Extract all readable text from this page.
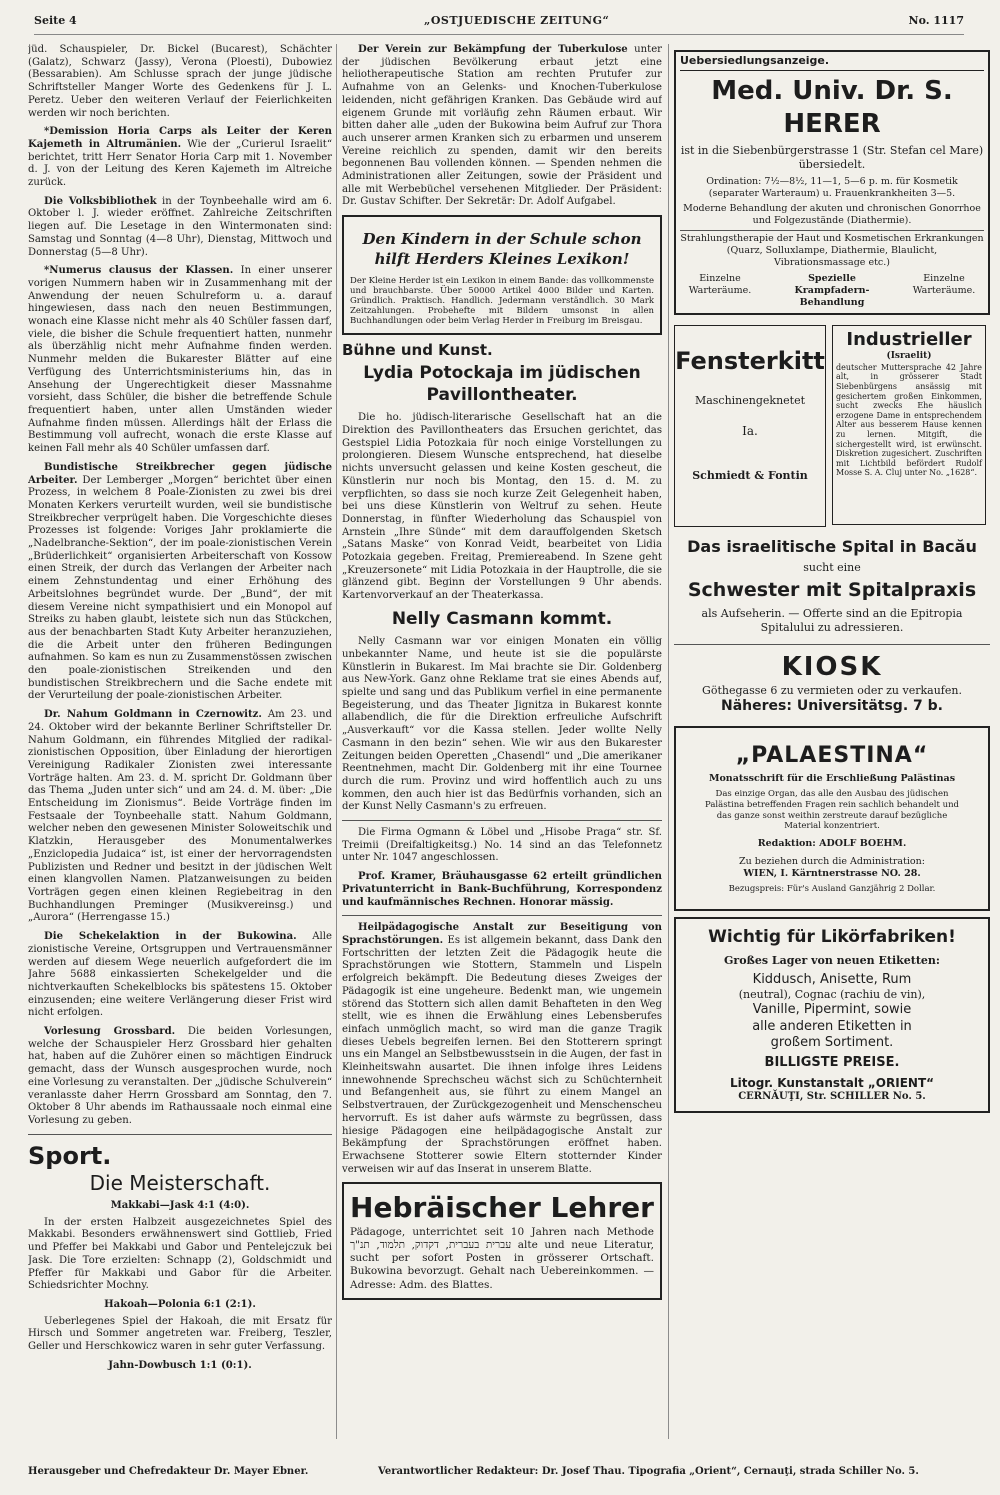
Seite 4	„OSTJUEDISCHE ZEITUNG“	No. 1117

jüd. Schauspieler, Dr. Bickel (Bucarest), Schächter (Galatz), Schwarz (Jassy), Verona (Ploesti), Dubowiez (Bessarabien). Am Schlusse sprach der junge jüdische Schriftsteller Manger Worte des Gedenkens für J. L. Peretz. Ueber den weiteren Verlauf der Feierlichkeiten werden wir noch berichten.

*Demission Horia Carps als Leiter der Keren Kajemeth in Altrumänien. Wie der „Curierul Israelit“ berichtet, tritt Herr Senator Horia Carp mit 1. November d. J. von der Leitung des Keren Kajemeth im Altreiche zurück.

Die Volksbibliothek in der Toynbeehalle wird am 6. Oktober l. J. wieder eröffnet. Zahlreiche Zeitschriften liegen auf. Die Lesetage in den Wintermonaten sind: Samstag und Sonntag (4—8 Uhr), Dienstag, Mittwoch und Donnerstag (5—8 Uhr).

*Numerus clausus der Klassen. In einer unserer vorigen Nummern haben wir in Zusammenhang mit der Anwendung der neuen Schulreform u. a. darauf hingewiesen, dass nach den neuen Bestimmungen, wonach eine Klasse nicht mehr als 40 Schüler fassen darf, viele, die bisher die Schule frequentiert hatten, nunmehr als überzählig nicht mehr Aufnahme finden werden. Nunmehr melden die Bukarester Blätter auf eine Verfügung des Unterrichtsministeriums hin, das in Ansehung der Ungerechtigkeit dieser Massnahme vorsieht, dass Schüler, die bisher die betreffende Schule frequentiert haben, unter allen Umständen wieder Aufnahme finden müssen. Allerdings hält der Erlass die Bestimmung voll aufrecht, wonach die erste Klasse auf keinen Fall mehr als 40 Schüler umfassen darf.

Bundistische Streikbrecher gegen jüdische Arbeiter. Der Lemberger „Morgen“ berichtet über einen Prozess, in welchem 8 Poale-Zionisten zu zwei bis drei Monaten Kerkers verurteilt wurden, weil sie bundistische Streikbrecher verprügelt haben. Die Vorgeschichte dieses Prozesses ist folgende: Voriges Jahr proklamierte die „Nadelbranche-Sektion“, der im poale-zionistischen Verein „Brüderlichkeit“ organisierten Arbeiterschaft von Kossow einen Streik, der durch das Verlangen der Arbeiter nach einem Zehnstundentag und einer Erhöhung des Arbeitslohnes begründet wurde. Der „Bund“, der mit diesem Vereine nicht sympathisiert und ein Monopol auf Streiks zu haben glaubt, leistete sich nun das Stückchen, aus der benachbarten Stadt Kuty Arbeiter heranzuziehen, die die Arbeit unter den früheren Bedingungen aufnahmen. So kam es nun zu Zusammenstössen zwischen den poale-zionistischen Streikenden und den bundistischen Streikbrechern und die Sache endete mit der Verurteilung der poale-zionistischen Arbeiter.

Dr. Nahum Goldmann in Czernowitz. Am 23. und 24. Oktober wird der bekannte Berliner Schriftsteller Dr. Nahum Goldmann, ein führendes Mitglied der radikal-zionistischen Opposition, über Einladung der hierortigen Vereinigung Radikaler Zionisten zwei interessante Vorträge halten. Am 23. d. M. spricht Dr. Goldmann über das Thema „Juden unter sich“ und am 24. d. M. über: „Die Entscheidung im Zionismus“. Beide Vorträge finden im Festsaale der Toynbeehalle statt. Nahum Goldmann, welcher neben den gewesenen Minister Soloweitschik und Klatzkin, Herausgeber des Monumentalwerkes „Enziclopedia Judaica“ ist, ist einer der hervorragendsten Publizisten und Redner und besitzt in der jüdischen Welt einen klangvollen Namen. Platzanweisungen zu beiden Vorträgen gegen einen kleinen Regiebeitrag in den Buchhandlungen Preminger (Musikvereinsg.) und „Aurora“ (Herrengasse 15.)

Die Schekelaktion in der Bukowina. Alle zionistische Vereine, Ortsgruppen und Vertrauensmänner werden auf diesem Wege neuerlich aufgefordert die im Jahre 5688 einkassierten Schekelgelder und die nichtverkauften Schekelblocks bis spätestens 15. Oktober einzusenden; eine weitere Verlängerung dieser Frist wird nicht erfolgen.

Vorlesung Grossbard. Die beiden Vorlesungen, welche der Schauspieler Herz Grossbard hier gehalten hat, haben auf die Zuhörer einen so mächtigen Eindruck gemacht, dass der Wunsch ausgesprochen wurde, noch eine Vorlesung zu veranstalten. Der „jüdische Schulverein“ veranlasste daher Herrn Grossbard am Sonntag, den 7. Oktober 8 Uhr abends im Rathaussaale noch einmal eine Vorlesung zu geben.

Sport.
Die Meisterschaft.
Makkabi—Jask 4:1 (4:0).

In der ersten Halbzeit ausgezeichnetes Spiel des Makkabi. Besonders erwähnenswert sind Gottlieb, Fried und Pfeffer bei Makkabi und Gabor und Pentelejczuk bei Jask. Die Tore erzielten: Schnapp (2), Goldschmidt und Pfeffer für Makkabi und Gabor für die Arbeiter. Schiedsrichter Mochny.

Hakoah—Polonia 6:1 (2:1).

Ueberlegenes Spiel der Hakoah, die mit Ersatz für Hirsch und Sommer angetreten war. Freiberg, Teszler, Geller und Herschkowicz waren in sehr guter Verfassung.

Jahn-Dowbusch 1:1 (0:1).

Der Verein zur Bekämpfung der Tuberkulose unter der jüdischen Bevölkerung erbaut jetzt eine heliotherapeutische Station am rechten Prutufer zur Aufnahme von an Gelenks- und Knochen-Tuberkulose leidenden, nicht gefährigen Kranken. Das Gebäude wird auf eigenem Grunde mit vorläufig zehn Räumen erbaut. Wir bitten daher alle „uden der Bukowina beim Aufruf zur Thora auch unserer armen Kranken sich zu erbarmen und unserem Vereine reichlich zu spenden, damit wir den bereits begonnenen Bau vollenden können. — Spenden nehmen die Administrationen aller Zeitungen, sowie der Präsident und alle mit Werbebüchel versehenen Mitglieder. Der Präsident: Dr. Gustav Schifter. Der Sekretär: Dr. Adolf Aufgabel.

Den Kindern in der Schule schon hilft Herders Kleines Lexikon!
Der Kleine Herder ist ein Lexikon in einem Bande: das vollkommenste und brauchbarste. Über 50000 Artikel 4000 Bilder und Karten. Gründlich. Praktisch. Handlich. Jedermann verständlich. 30 Mark Zeitzahlungen. Probehefte mit Bildern umsonst in allen Buchhandlungen oder beim Verlag Herder in Freiburg im Breisgau.
Bühne und Kunst.
Lydia Potockaja im jüdischen Pavillontheater.

Die ho. jüdisch-literarische Gesellschaft hat an die Direktion des Pavillontheaters das Ersuchen gerichtet, das Gestspiel Lidia Potozkaia für noch einige Vorstellungen zu prolongieren. Diesem Wunsche entsprechend, hat dieselbe nichts unversucht gelassen und keine Kosten gescheut, die Künstlerin nur noch bis Montag, den 15. d. M. zu verpflichten, so dass sie noch kurze Zeit Gelegenheit haben, bei uns diese Künstlerin von Weltruf zu sehen. Heute Donnerstag, in fünfter Wiederholung das Schauspiel von Arnstein „Ihre Sünde“ mit dem darauffolgenden Sketsch „Satans Maske“ von Konrad Veidt, bearbeitet von Lidia Potozkaia gegeben. Freitag, Premiereabend. In Szene geht „Kreuzersonete“ mit Lidia Potozkaia in der Hauptrolle, die sie glänzend gibt. Beginn der Vorstellungen 9 Uhr abends. Kartenvorverkauf an der Theaterkassa.

Nelly Casmann kommt.

Nelly Casmann war vor einigen Monaten ein völlig unbekannter Name, und heute ist sie die populärste Künstlerin in Bukarest. Im Mai brachte sie Dir. Goldenberg aus New-York. Ganz ohne Reklame trat sie eines Abends auf, spielte und sang und das Publikum verfiel in eine permanente Begeisterung, und das Theater Jignitza in Bukarest konnte allabendlich, die für die Direktion erfreuliche Aufschrift „Ausverkauft“ vor die Kassa stellen. Jeder wollte Nelly Casmann in den bezin“ sehen. Wie wir aus den Bukarester Zeitungen beiden Operetten „Chasendl“ und „Die amerikaner Reentnehmen, macht Dir. Goldenberg mit ihr eine Tournee durch die rum. Provinz und wird hoffentlich auch zu uns kommen, den auch hier ist das Bedürfnis vorhanden, sich an der Kunst Nelly Casmann's zu erfreuen.

Die Firma Ogmann & Löbel und „Hisobe Praga“ str. Sf. Treimii (Dreifaltigkeitsg.) No. 14 sind an das Telefonnetz unter Nr. 1047 angeschlossen.

Prof. Kramer, Bräuhausgasse 62 erteilt gründlichen Privatunterricht in Bank-Buchführung, Korrespondenz und kaufmännisches Rechnen. Honorar mässig.

Heilpädagogische Anstalt zur Beseitigung von Sprachstörungen. Es ist allgemein bekannt, dass Dank den Fortschritten der letzten Zeit die Pädagogik heute die Sprachstörungen wie Stottern, Stammeln und Lispeln erfolgreich bekämpft. Die Bedeutung dieses Zweiges der Pädagogik ist eine ungeheure. Bedenkt man, wie ungemein störend das Stottern sich allen damit Behafteten in den Weg stellt, wie es ihnen die Erwählung eines Lebensberufes einfach unmöglich macht, so wird man die ganze Tragik dieses Uebels begreifen lernen. Bei den Stotterern springt uns ein Mangel an Selbstbewusstsein in die Augen, der fast in Kleinheitswahn ausartet. Die ihnen infolge ihres Leidens innewohnende Sprechscheu wächst sich zu Schüchternheit und Befangenheit aus, sie führt zu einem Mangel an Selbstvertrauen, der Zurückgezogenheit und Menschenscheu hervorruft. Es ist daher aufs wärmste zu begrüssen, dass hiesige Pädagogen eine heilpädagogische Anstalt zur Bekämpfung der Sprachstörungen eröffnet haben. Erwachsene Stotterer sowie Eltern stotternder Kinder verweisen wir auf das Inserat in unserem Blatte.

Hebräischer Lehrer
Pädagoge, unterrichtet seit 10 Jahren nach Methode עברית בעברית, דקדוק, תלמוד, תנ"ך alte und neue Literatur, sucht per sofort Posten in grösserer Ortschaft. Bukowina bevorzugt. Gehalt nach Uebereinkommen. — Adresse: Adm. des Blattes.
Uebersiedlungsanzeige.
Med. Univ. Dr. S. HERER
ist in die Siebenbürgerstrasse 1 (Str. Stefan cel Mare) übersiedelt.
Ordination: 7½—8½, 11—1, 5—6 p. m. für Kosmetik (separater Warteraum) u. Frauenkrankheiten 3—5.
Moderne Behandlung der akuten und chronischen Gonorrhoe und Folgezustände (Diathermie).
Strahlungstherapie der Haut und Kosmetischen Erkrankungen (Quarz, Solluxlampe, Diathermie, Blaulicht, Vibrationsmassage etc.)
Einzelne Warteräume.
Spezielle Krampfadern-Behandlung
Einzelne Warteräume.
Fensterkitt
Maschinengeknetet
Ia.
Schmiedt & Fontin
Industrieller
(Israelit)
deutscher Muttersprache 42 Jahre alt, in grösserer Stadt Siebenbürgens ansässig mit gesichertem großen Einkommen, sucht zwecks Ehe häuslich erzogene Dame in entsprechendem Alter aus besserem Hause kennen zu lernen. Mitgift, die sichergestellt wird, ist erwünscht. Diskretion zugesichert. Zuschriften mit Lichtbild befördert Rudolf Mosse S. A. Cluj unter No. „1628“.
Das israelitische Spital in Bacău
sucht eine
Schwester mit Spitalpraxis
als Aufseherin. — Offerte sind an die Epitropia Spitalului zu adressieren.
KIOSK
Göthegasse 6 zu vermieten oder zu verkaufen.
Näheres: Universitätsg. 7 b.
„PALAESTINA“
Monatsschrift für die Erschließung Palästinas
Das einzige Organ, das alle den Ausbau des jüdischen Palästina betreffenden Fragen rein sachlich behandelt und das ganze sonst weithin zerstreute darauf bezügliche Material konzentriert.
Redaktion: ADOLF BOEHM.
Zu beziehen durch die Administration:
WIEN, I. Kärntnerstrasse NO. 28.
Bezugspreis: Für's Ausland Ganzjährig 2 Dollar.
Wichtig für Likörfabriken!
Großes Lager von neuen Etiketten:
Kiddusch, Anisette, Rum
(neutral), Cognac (rachiu de vin),
Vanille, Pipermint, sowie
alle anderen Etiketten in
großem Sortiment.
BILLIGSTE PREISE.
Litogr. Kunstanstalt „ORIENT“
CERNĂUŢI, Str. SCHILLER No. 5.
Herausgeber und Chefredakteur Dr. Mayer Ebner.	Verantwortlicher Redakteur: Dr. Josef Thau. Tipografia „Orient“, Cernauţi, strada Schiller No. 5.
